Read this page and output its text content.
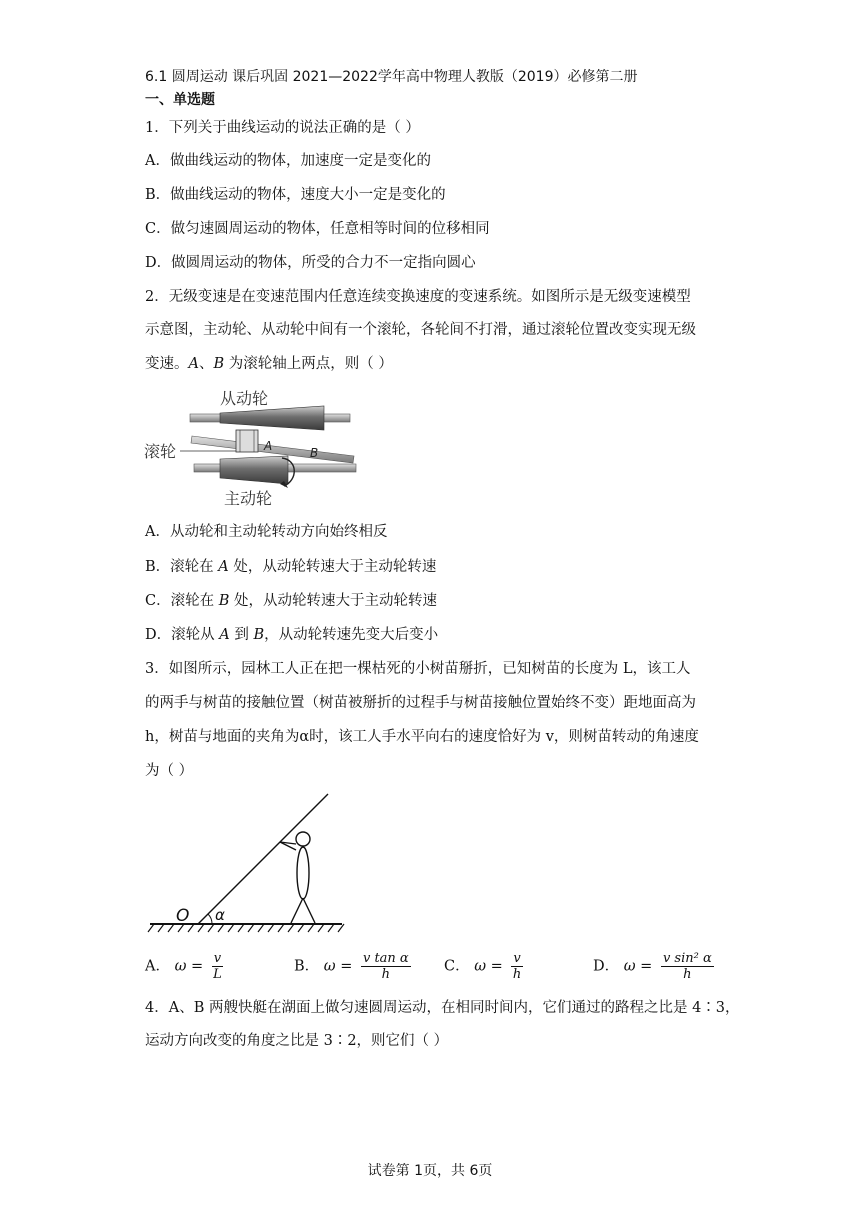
6.1 圆周运动 课后巩固 2021—2022学年高中物理人教版（2019）必修第二册
一、单选题
1．下列关于曲线运动的说法正确的是（ ）
A．做曲线运动的物体，加速度一定是变化的
B．做曲线运动的物体，速度大小一定是变化的
C．做匀速圆周运动的物体，任意相等时间的位移相同
D．做圆周运动的物体，所受的合力不一定指向圆心
2．无级变速是在变速范围内任意连续变换速度的变速系统。如图所示是无级变速模型
示意图，主动轮、从动轮中间有一个滚轮，各轮间不打滑，通过滚轮位置改变实现无级
变速。A、B 为滚轮轴上两点，则（ ）
从动轮
A	B
滚轮
主动轮
A．从动轮和主动轮转动方向始终相反
B．滚轮在 A 处，从动轮转速大于主动轮转速
C．滚轮在 B 处，从动轮转速大于主动轮转速
D．滚轮从 A 到 B，从动轮转速先变大后变小
3．如图所示，园林工人正在把一棵枯死的小树苗掰折，已知树苗的长度为 L，该工人
的两手与树苗的接触位置（树苗被掰折的过程手与树苗接触位置始终不变）距地面高为
h，树苗与地面的夹角为α时，该工人手水平向右的速度恰好为 v，则树苗转动的角速度
为（ ）
O α
A． $\omega = \frac{v}{L}$	B． $\omega = \frac{\text{v tan α}}{h}$ C． $\omega = \frac{v}{h}$	D． $\omega = \frac{\text{v sin² α}}{h}$
4．A、B 两艘快艇在湖面上做匀速圆周运动，在相同时间内，它们通过的路程之比是 4∶3，
运动方向改变的角度之比是 3∶2，则它们（ ）
试卷第 1页，共 6页
